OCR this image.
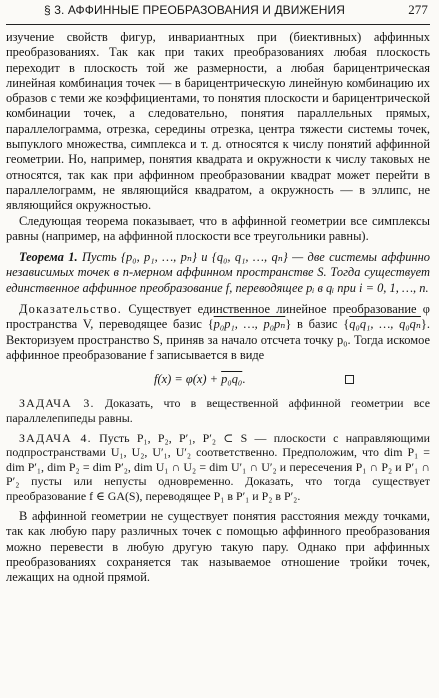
§ 3. АФФИННЫЕ ПРЕОБРАЗОВАНИЯ И ДВИЖЕНИЯ	277

изучение свойств фигур, инвариантных при (биективных) аффинных преобразованиях. Так как при таких преобразованиях любая плоскость переходит в плоскость той же размерности, а любая барицентрическая линейная комбинация точек — в барицентрическую линейную комбинацию их образов с теми же коэффициентами, то понятия плоскости и барицентрической комбинации точек, а следовательно, понятия параллельных прямых, параллелограмма, отрезка, середины отрезка, центра тяжести системы точек, выпуклого множества, симплекса и т. д. относятся к числу понятий аффинной геометрии. Но, например, понятия квадрата и окружности к числу таковых не относятся, так как при аффинном преобразовании квадрат может перейти в параллелограмм, не являющийся квадратом, а окружность — в эллипс, не являющийся окружностью.

Следующая теорема показывает, что в аффинной геометрии все симплексы равны (например, на аффинной плоскости все треугольники равны).

Теорема 1. Пусть {p₀, p₁, …, pₙ} и {q₀, q₁, …, qₙ} — две системы аффинно независимых точек в n-мерном аффинном пространстве S. Тогда существует единственное аффинное преобразование f, переводящее pᵢ в qᵢ при i = 0, 1, …, n.

Доказательство. Существует единственное линейное преобразование φ пространства V, переводящее базис {p₀p₁, …, p₀pₙ} в базис {q₀q₁, …, q₀qₙ}. Векторизуем пространство S, приняв за начало отсчета точку p₀. Тогда искомое аффинное преобразование f записывается в виде

f(x) = φ(x) + p₀q₀.

ЗАДАЧА 3. Доказать, что в вещественной аффинной геометрии все параллелепипеды равны.

ЗАДАЧА 4. Пусть P₁, P₂, P′₁, P′₂ ⊂ S — плоскости с направляющими подпространствами U₁, U₂, U′₁, U′₂ соответственно. Предположим, что dim P₁ = dim P′₁, dim P₂ = dim P′₂, dim U₁ ∩ U₂ = dim U′₁ ∩ U′₂ и пересечения P₁ ∩ P₂ и P′₁ ∩ P′₂ пусты или непусты одновременно. Доказать, что тогда существует преобразование f ∈ GA(S), переводящее P₁ в P′₁ и P₂ в P′₂.

В аффинной геометрии не существует понятия расстояния между точками, так как любую пару различных точек с помощью аффинного преобразования можно перевести в любую другую такую пару. Однако при аффинных преобразованиях сохраняется так называемое отношение тройки точек, лежащих на одной прямой.
